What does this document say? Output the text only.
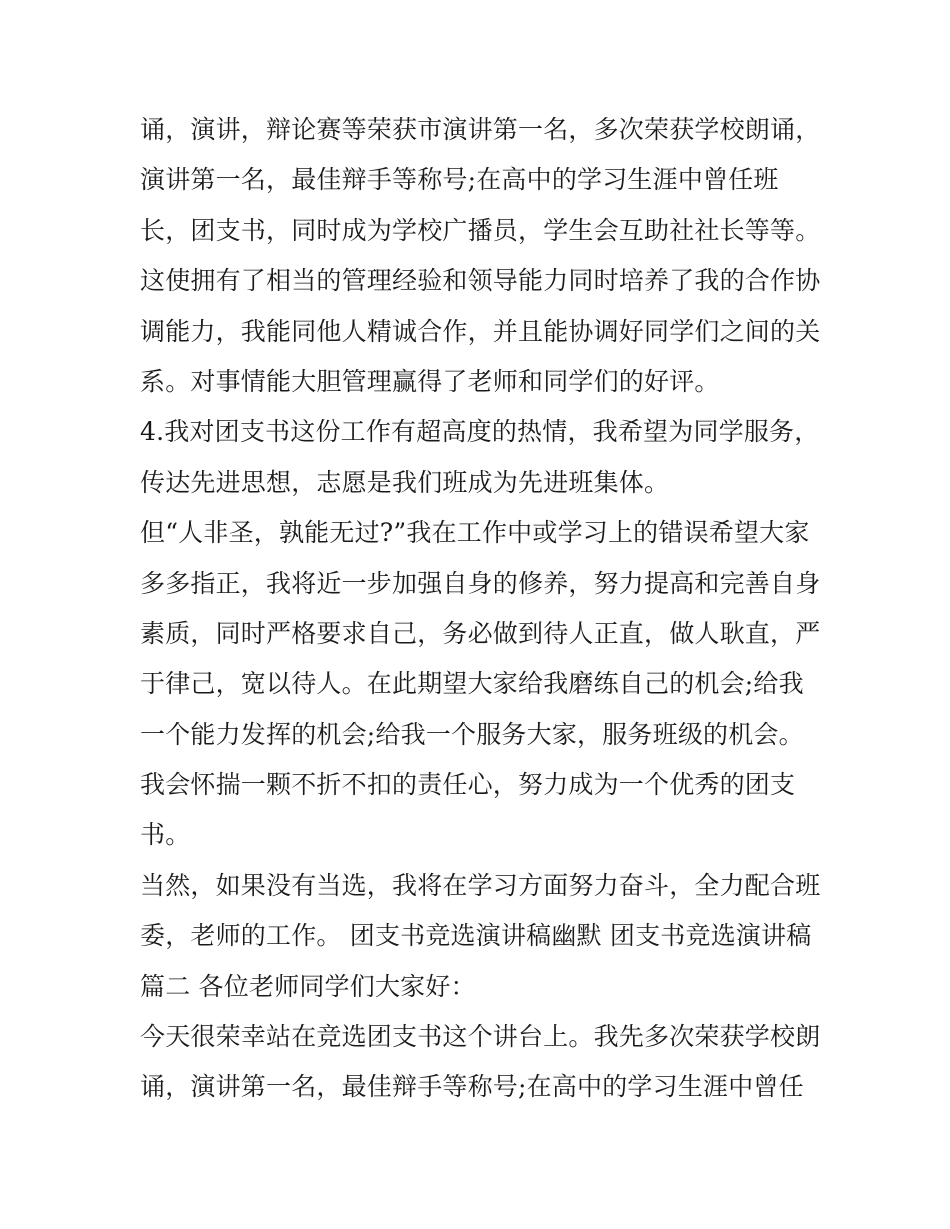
诵，演讲，辩论赛等荣获市演讲第一名，多次荣获学校朗诵，
演讲第一名，最佳辩手等称号;在高中的学习生涯中曾任班
长，团支书，同时成为学校广播员，学生会互助社社长等等。
这使拥有了相当的管理经验和领导能力同时培养了我的合作协
调能力，我能同他人精诚合作，并且能协调好同学们之间的关
系。对事情能大胆管理赢得了老师和同学们的好评。
4.我对团支书这份工作有超高度的热情，我希望为同学服务，
传达先进思想，志愿是我们班成为先进班集体。
但“人非圣，孰能无过?”我在工作中或学习上的错误希望大家
多多指正，我将近一步加强自身的修养，努力提高和完善自身
素质，同时严格要求自己，务必做到待人正直，做人耿直，严
于律己，宽以待人。在此期望大家给我磨练自己的机会;给我
一个能力发挥的机会;给我一个服务大家，服务班级的机会。
我会怀揣一颗不折不扣的责任心，努力成为一个优秀的团支
书。
当然，如果没有当选，我将在学习方面努力奋斗，全力配合班
委，老师的工作。 团支书竞选演讲稿幽默 团支书竞选演讲稿
篇二 各位老师同学们大家好：
今天很荣幸站在竞选团支书这个讲台上。我先多次荣获学校朗
诵，演讲第一名，最佳辩手等称号;在高中的学习生涯中曾任
